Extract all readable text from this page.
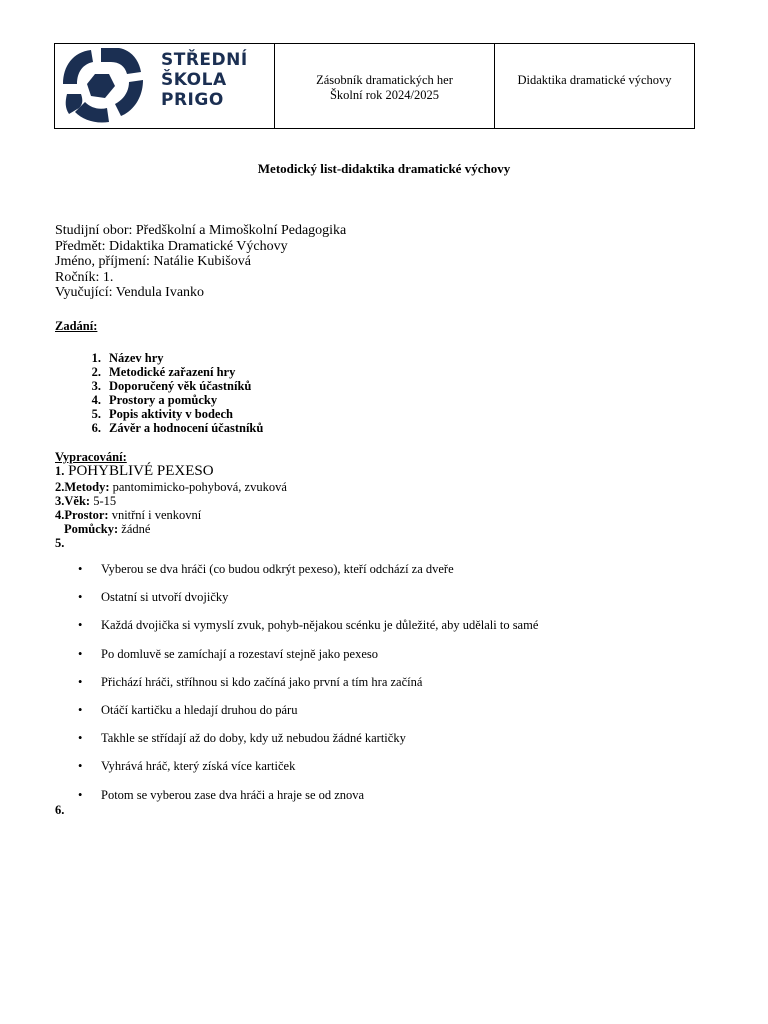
STŘEDNÍ
ŠKOLA
PRIGO
Zásobník dramatických her
Školní rok 2024/2025
Didaktika dramatické výchovy
Metodický list-didaktika dramatické výchovy
Studijní obor: Předškolní a Mimoškolní Pedagogika
Předmět: Didaktika Dramatické Výchovy
Jméno, příjmení: Natálie Kubišová
Ročník: 1.
Vyučující: Vendula Ivanko
Zadání:
1. Název hry
2. Metodické zařazení hry
3. Doporučený věk účastníků
4. Prostory a pomůcky
5. Popis aktivity v bodech
6. Závěr a hodnocení účastníků
Vypracování:
1. POHYBLIVÉ PEXESO
2.Metody: pantomimicko-pohybová, zvuková
3.Věk: 5-15
4.Prostor: vnitřní i venkovní
Pomůcky: žádné
5.
•	Vyberou se dva hráči (co budou odkrýt pexeso), kteří odchází za dveře
•	Ostatní si utvoří dvojičky
•	Každá dvojička si vymyslí zvuk, pohyb-nějakou scénku je důležité, aby udělali to samé
•	Po domluvě se zamíchají a rozestaví stejně jako pexeso
•	Přichází hráči, stříhnou si kdo začíná jako první a tím hra začíná
•	Otáčí kartičku a hledají druhou do páru
•	Takhle se střídají až do doby, kdy už nebudou žádné kartičky
•	Vyhrává hráč, který získá více kartiček
•	Potom se vyberou zase dva hráči a hraje se od znova
6.
